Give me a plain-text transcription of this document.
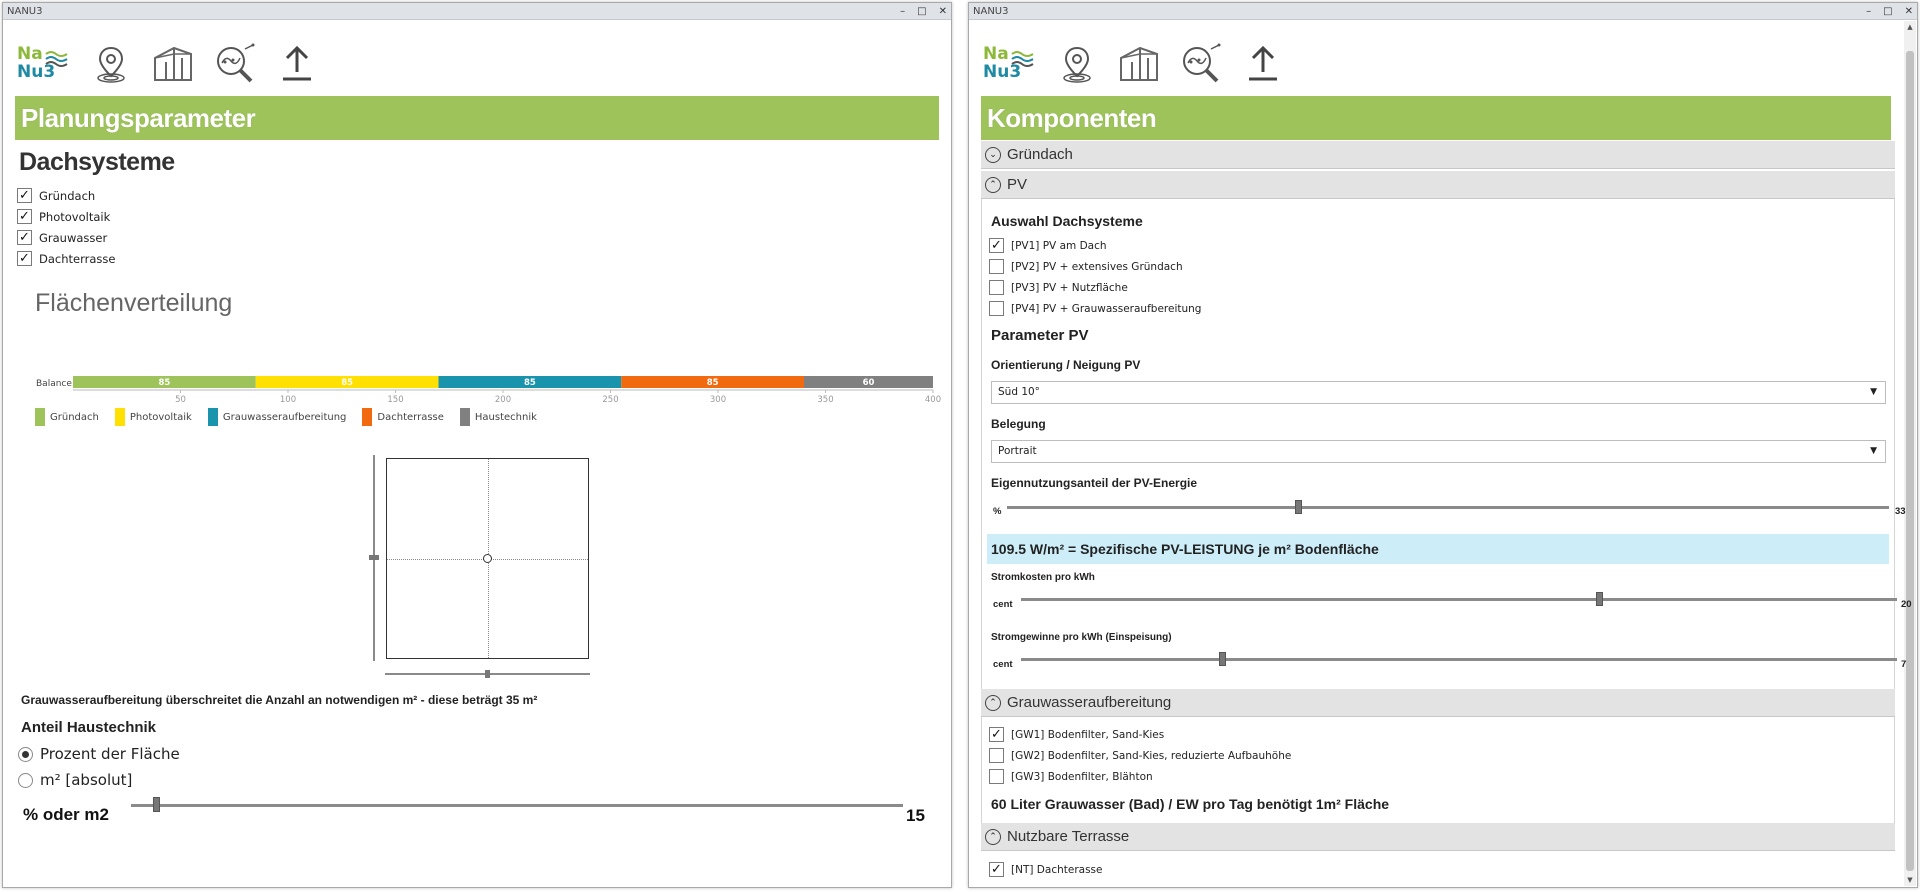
NANU3	– □ ✕
Na
Nu3
Planungsparameter
Dachsysteme
✓ Gründach
✓ Photovoltaik
✓ Grauwasser
✓ Dachterrasse
Flächenverteilung
Balance	85	85	85	85	60
50	100	150	200	250	300	350	400
Gründach	Photovoltaik	Grauwasseraufbereitung	Dachterrasse	Haustechnik
Grauwasseraufbereitung überschreitet die Anzahl an notwendigen m² - diese beträgt 35 m²
Anteil Haustechnik
Prozent der Fläche
m² [absolut]
% oder m2	15
NANU3	– □ ✕
▲
▼
Na
Nu3
Komponenten
⌄ Gründach
⌃ PV
Auswahl Dachsysteme
✓ [PV1] PV am Dach
[PV2] PV + extensives Gründach
[PV3] PV + Nutzfläche
[PV4] PV + Grauwasseraufbereitung
Parameter PV
Orientierung / Neigung PV
Süd 10°	▼
Belegung
Portrait	▼
Eigennutzungsanteil der PV-Energie
%	33
109.5 W/m² = Spezifische PV-LEISTUNG je m² Bodenfläche
Stromkosten pro kWh
cent	20
Stromgewinne pro kWh (Einspeisung)
cent	7
⌃ Grauwasseraufbereitung
✓ [GW1] Bodenfilter, Sand-Kies
[GW2] Bodenfilter, Sand-Kies, reduzierte Aufbauhöhe
[GW3] Bodenfilter, Blähton
60 Liter Grauwasser (Bad) / EW pro Tag benötigt 1m² Fläche
⌃ Nutzbare Terrasse
✓ [NT] Dachterasse
